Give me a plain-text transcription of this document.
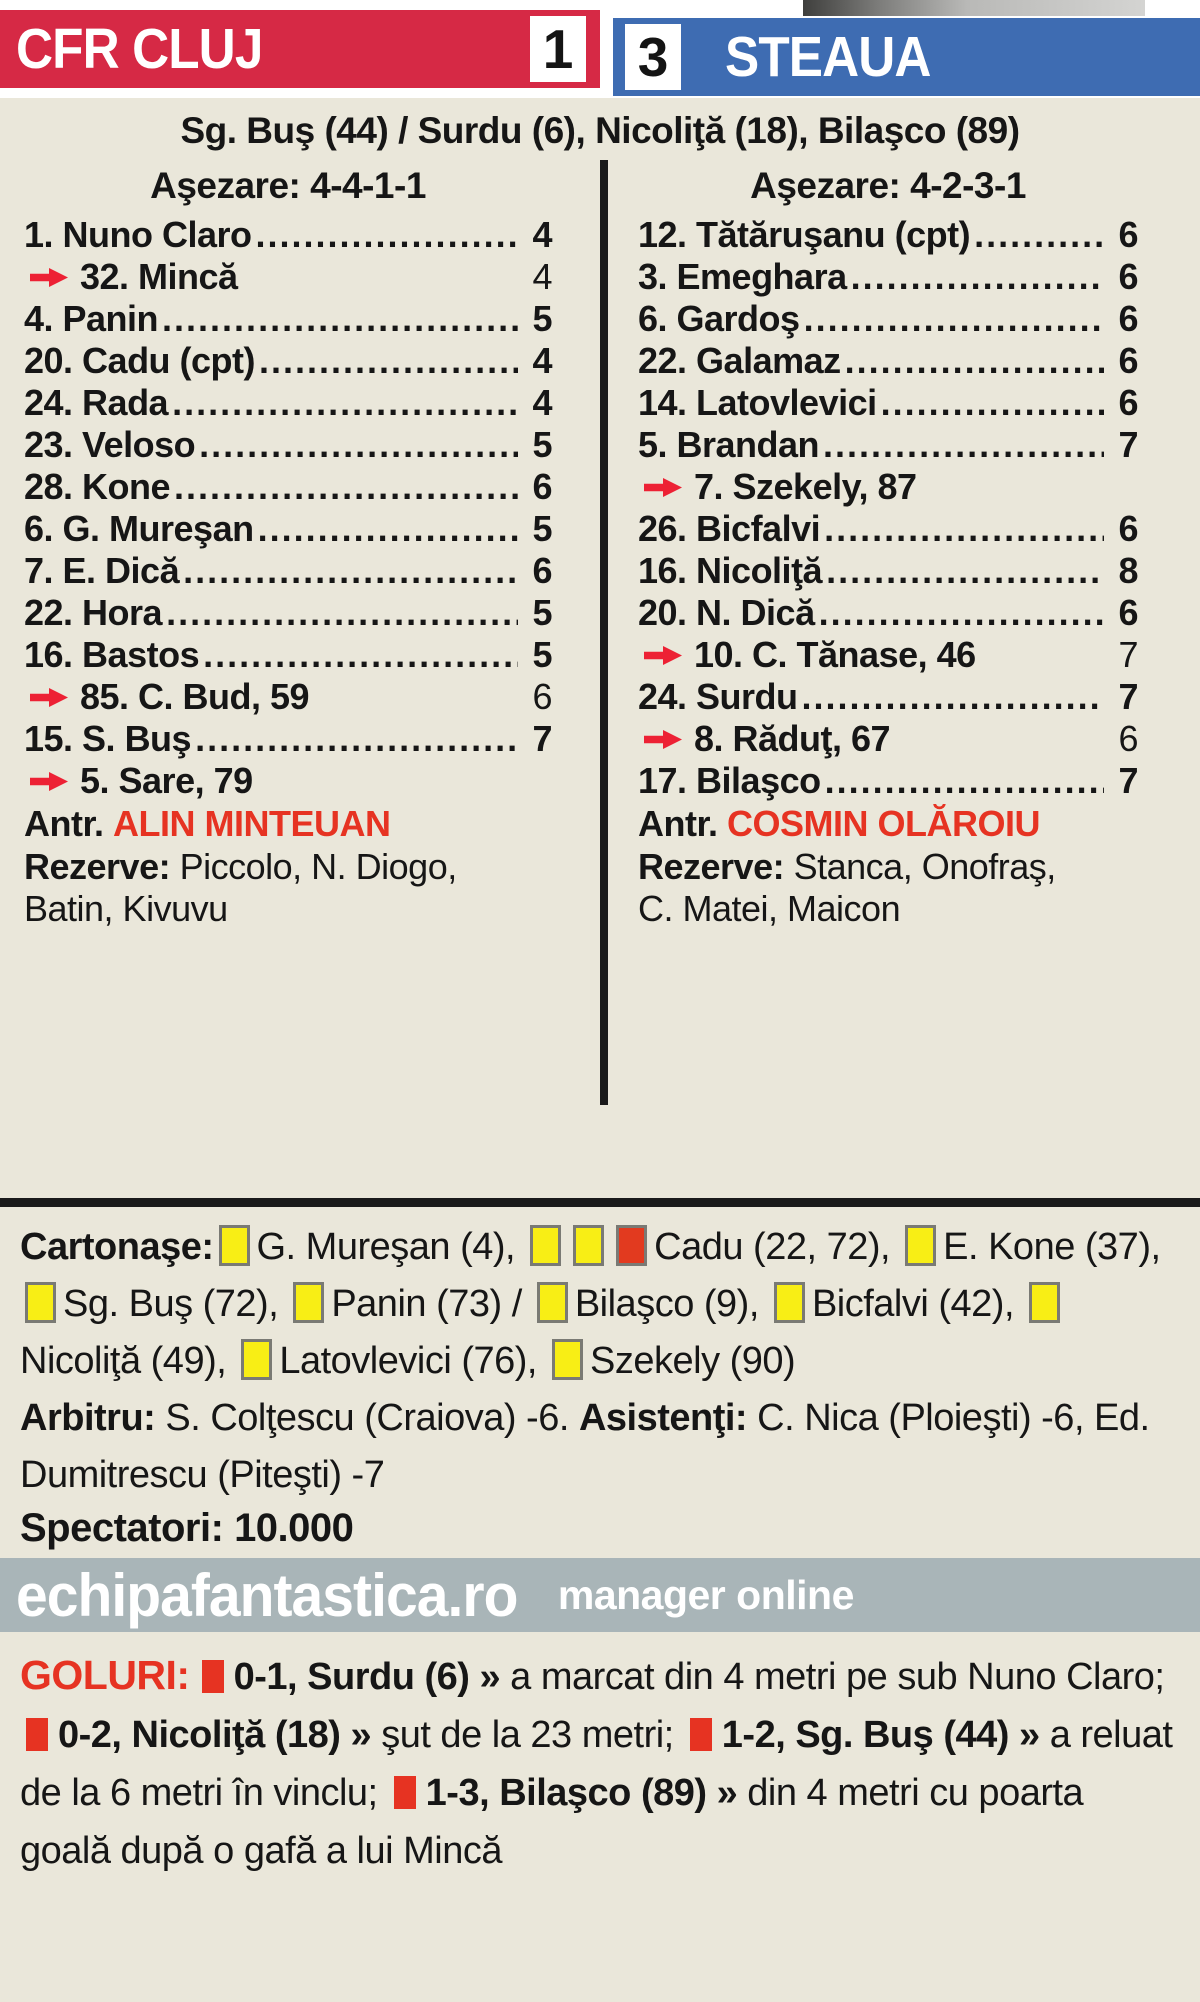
CFR CLUJ	1 3 STEAUA
Sg. Buş (44) / Surdu (6), Nicoliţă (18), Bilaşco (89)
Aşezare: 4-4-1-1
1. Nuno Claro .....	4
32. Mincă	4
4. Panin .....	5
20. Cadu (cpt) .....	4
24. Rada .....	4
23. Veloso .....	5
28. Kone .....	6
6. G. Mureşan .....	5
7. E. Dică .....	6
22. Hora .....	5
16. Bastos .....	5
85. C. Bud, 59	6
15. S. Buş .....	7
5. Sare, 79
Antr. ALIN MINTEUAN
Rezerve: Piccolo, N. Diogo, Batin, Kivuvu
Aşezare: 4-2-3-1
12. Tătăruşanu (cpt) .....	6
3. Emeghara .....	6
6. Gardoş .....	6
22. Galamaz .....	6
14. Latovlevici .....	6
5. Brandan .....	7
7. Szekely, 87
26. Bicfalvi .....	6
16. Nicoliţă .....	8
20. N. Dică .....	6
10. C. Tănase, 46	7
24. Surdu .....	7
8. Răduţ, 67	6
17. Bilaşco .....	7
Antr. COSMIN OLĂROIU
Rezerve: Stanca, Onofraş, C. Matei, Maicon

Cartonaşe: G. Mureşan (4),	Cadu (22, 72), E. Kone (37), Sg. Buş (72), Panin (73) / Bilaşco (9), Bicfalvi (42), Nicoliţă (49), Latovlevici (76), Szekely (90)

Arbitru: S. Colţescu (Craiova) -6. Asistenţi: C. Nica (Ploieşti) -6, Ed. Dumitrescu (Piteşti) -7

Spectatori: 10.000

echipafantastica.ro manager online

GOLURI: 0-1, Surdu (6) » a marcat din 4 metri pe sub Nuno Claro; 0-2, Nicoliţă (18) » şut de la 23 metri; 1-2, Sg. Buş (44) » a reluat de la 6 metri în vinclu; 1-3, Bilaşco (89) » din 4 metri cu poarta goală după o gafă a lui Mincă
